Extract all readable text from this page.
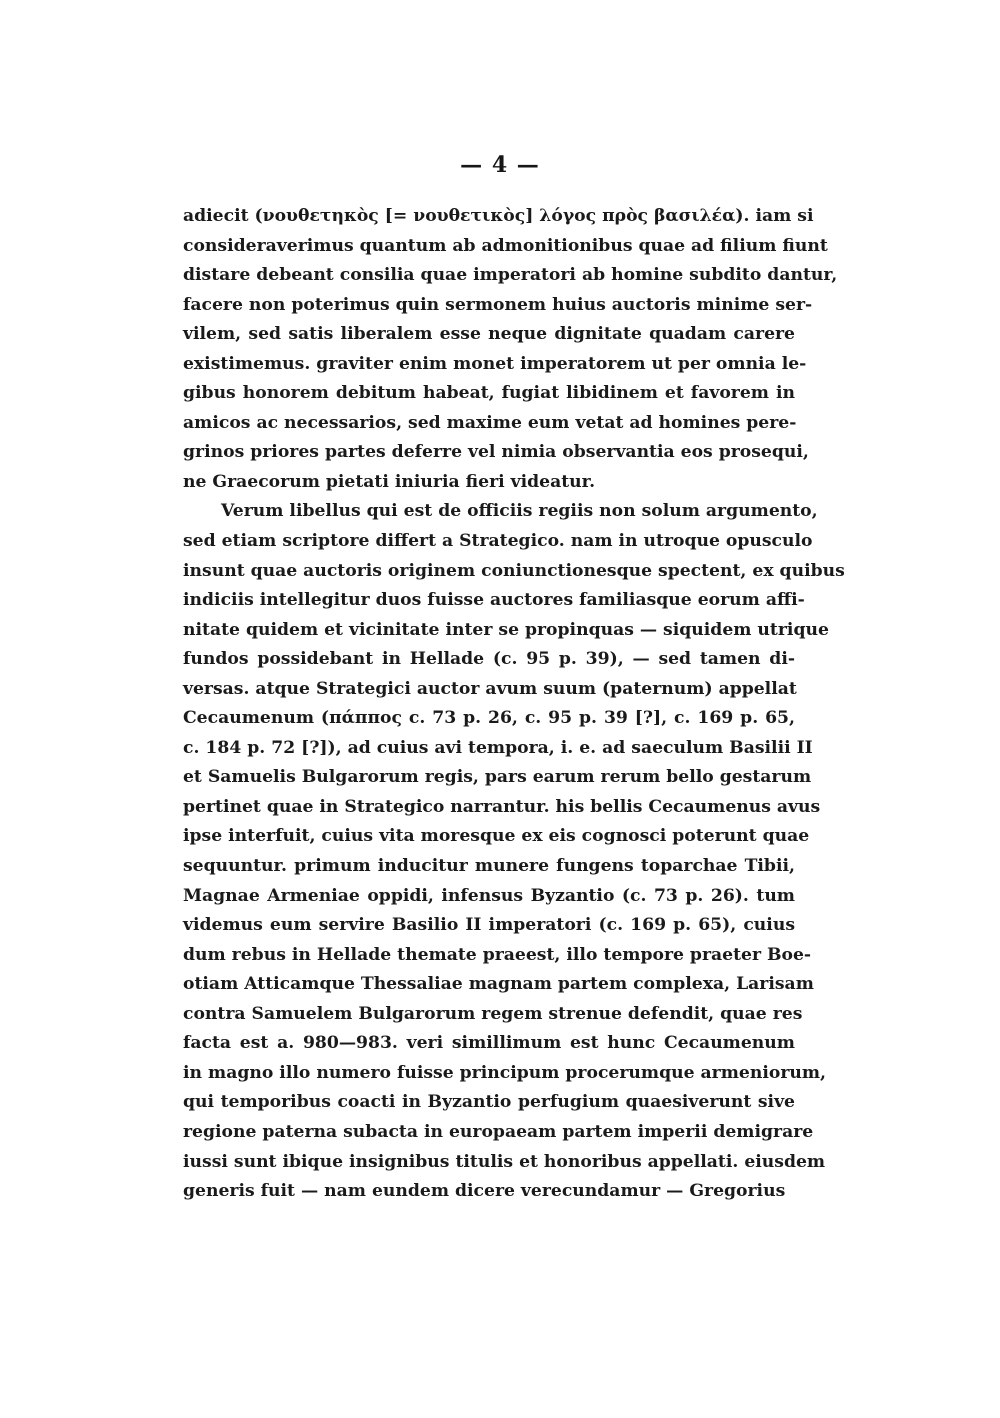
— 4 —
adiecit (νουθετηκὸς [= νουθετικὸς] λόγος πρὸς βασιλέα). iam si
consideraverimus quantum ab admonitionibus quae ad filium fiunt
distare debeant consilia quae imperatori ab homine subdito dantur,
facere non poterimus quin sermonem huius auctoris minime ser-
vilem, sed satis liberalem esse neque dignitate quadam carere
existimemus. graviter enim monet imperatorem ut per omnia le-
gibus honorem debitum habeat, fugiat libidinem et favorem in
amicos ac necessarios, sed maxime eum vetat ad homines pere-
grinos priores partes deferre vel nimia observantia eos prosequi,
ne Graecorum pietati iniuria fieri videatur.
Verum libellus qui est de officiis regiis non solum argumento,
sed etiam scriptore differt a Strategico. nam in utroque opusculo
insunt quae auctoris originem coniunctionesque spectent, ex quibus
indiciis intellegitur duos fuisse auctores familiasque eorum affi-
nitate quidem et vicinitate inter se propinquas — siquidem utrique
fundos possidebant in Hellade (c. 95 p. 39), — sed tamen di-
versas. atque Strategici auctor avum suum (paternum) appellat
Cecaumenum (πάππος c. 73 p. 26, c. 95 p. 39 [?], c. 169 p. 65,
c. 184 p. 72 [?]), ad cuius avi tempora, i. e. ad saeculum Basilii II
et Samuelis Bulgarorum regis, pars earum rerum bello gestarum
pertinet quae in Strategico narrantur. his bellis Cecaumenus avus
ipse interfuit, cuius vita moresque ex eis cognosci poterunt quae
sequuntur. primum inducitur munere fungens toparchae Tibii,
Magnae Armeniae oppidi, infensus Byzantio (c. 73 p. 26). tum
videmus eum servire Basilio II imperatori (c. 169 p. 65), cuius
dum rebus in Hellade themate praeest, illo tempore praeter Boe-
otiam Atticamque Thessaliae magnam partem complexa, Larisam
contra Samuelem Bulgarorum regem strenue defendit, quae res
facta est a. 980—983. veri simillimum est hunc Cecaumenum
in magno illo numero fuisse principum procerumque armeniorum,
qui temporibus coacti in Byzantio perfugium quaesiverunt sive
regione paterna subacta in europaeam partem imperii demigrare
iussi sunt ibique insignibus titulis et honoribus appellati. eiusdem
generis fuit — nam eundem dicere verecundamur — Gregorius
